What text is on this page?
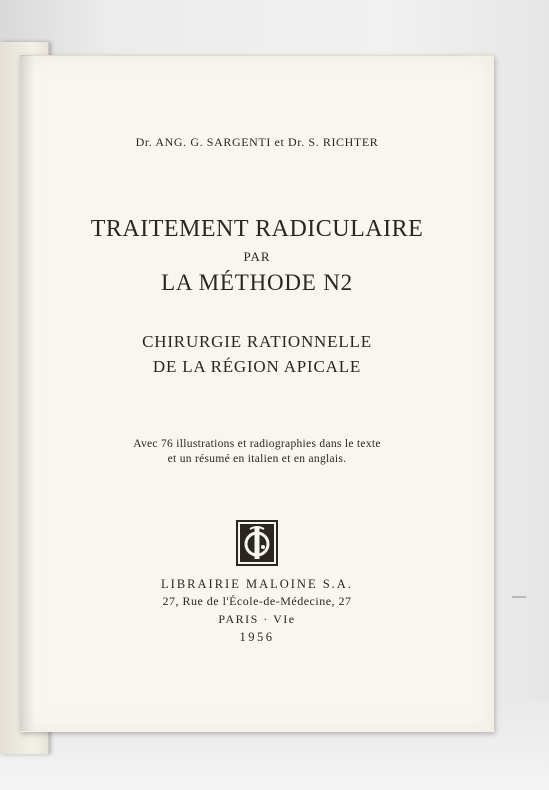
Dr. ANG. G. SARGENTI et Dr. S. RICHTER
TRAITEMENT RADICULAIRE
PAR
LA MÉTHODE N2
CHIRURGIE RATIONNELLE
DE LA RÉGION APICALE
Avec 76 illustrations et radiographies dans le texte
et un résumé en italien et en anglais.
LIBRAIRIE MALOINE S.A.
27, Rue de l'École-de-Médecine, 27
PARIS · VIe
1956
